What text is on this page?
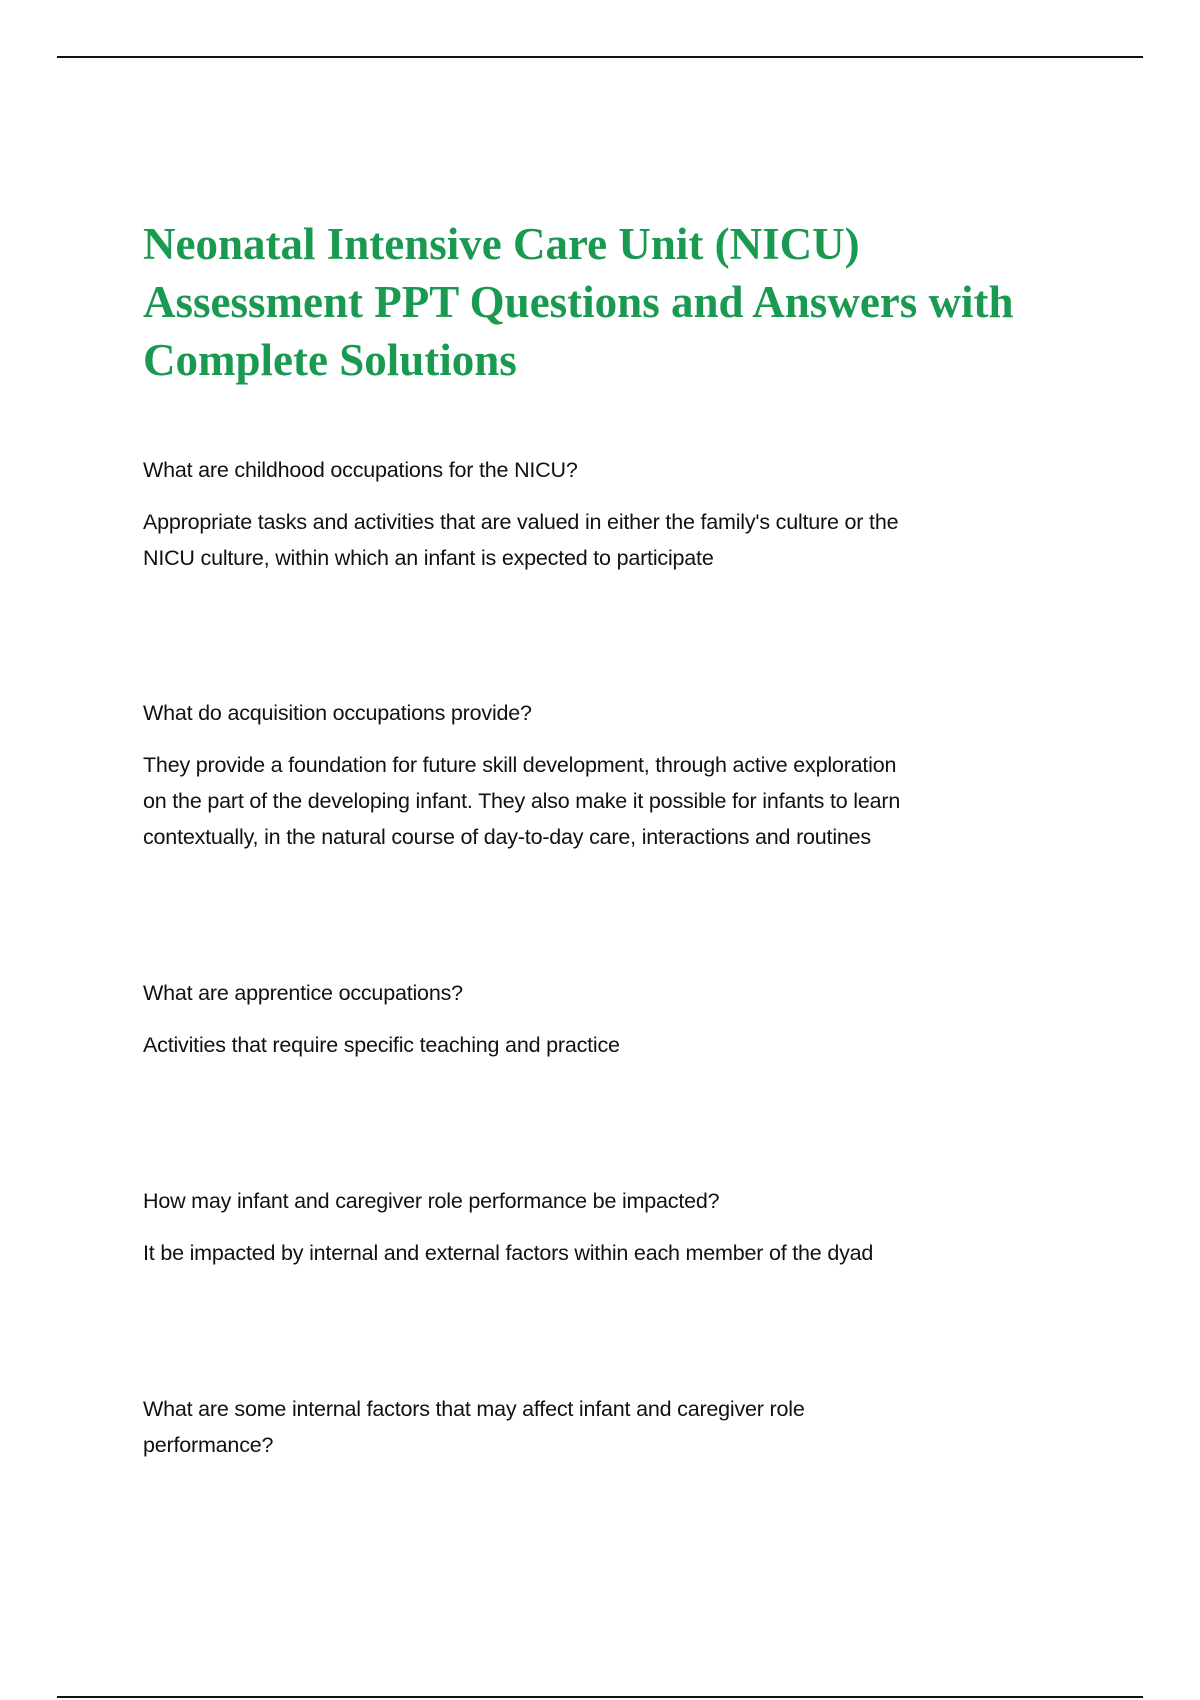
Neonatal Intensive Care Unit (NICU)
Assessment PPT Questions and Answers with
Complete Solutions
What are childhood occupations for the NICU?
Appropriate tasks and activities that are valued in either the family's culture or the
NICU culture, within which an infant is expected to participate
What do acquisition occupations provide?
They provide a foundation for future skill development, through active exploration
on the part of the developing infant. They also make it possible for infants to learn
contextually, in the natural course of day-to-day care, interactions and routines
What are apprentice occupations?
Activities that require specific teaching and practice
How may infant and caregiver role performance be impacted?
It be impacted by internal and external factors within each member of the dyad
What are some internal factors that may affect infant and caregiver role
performance?
